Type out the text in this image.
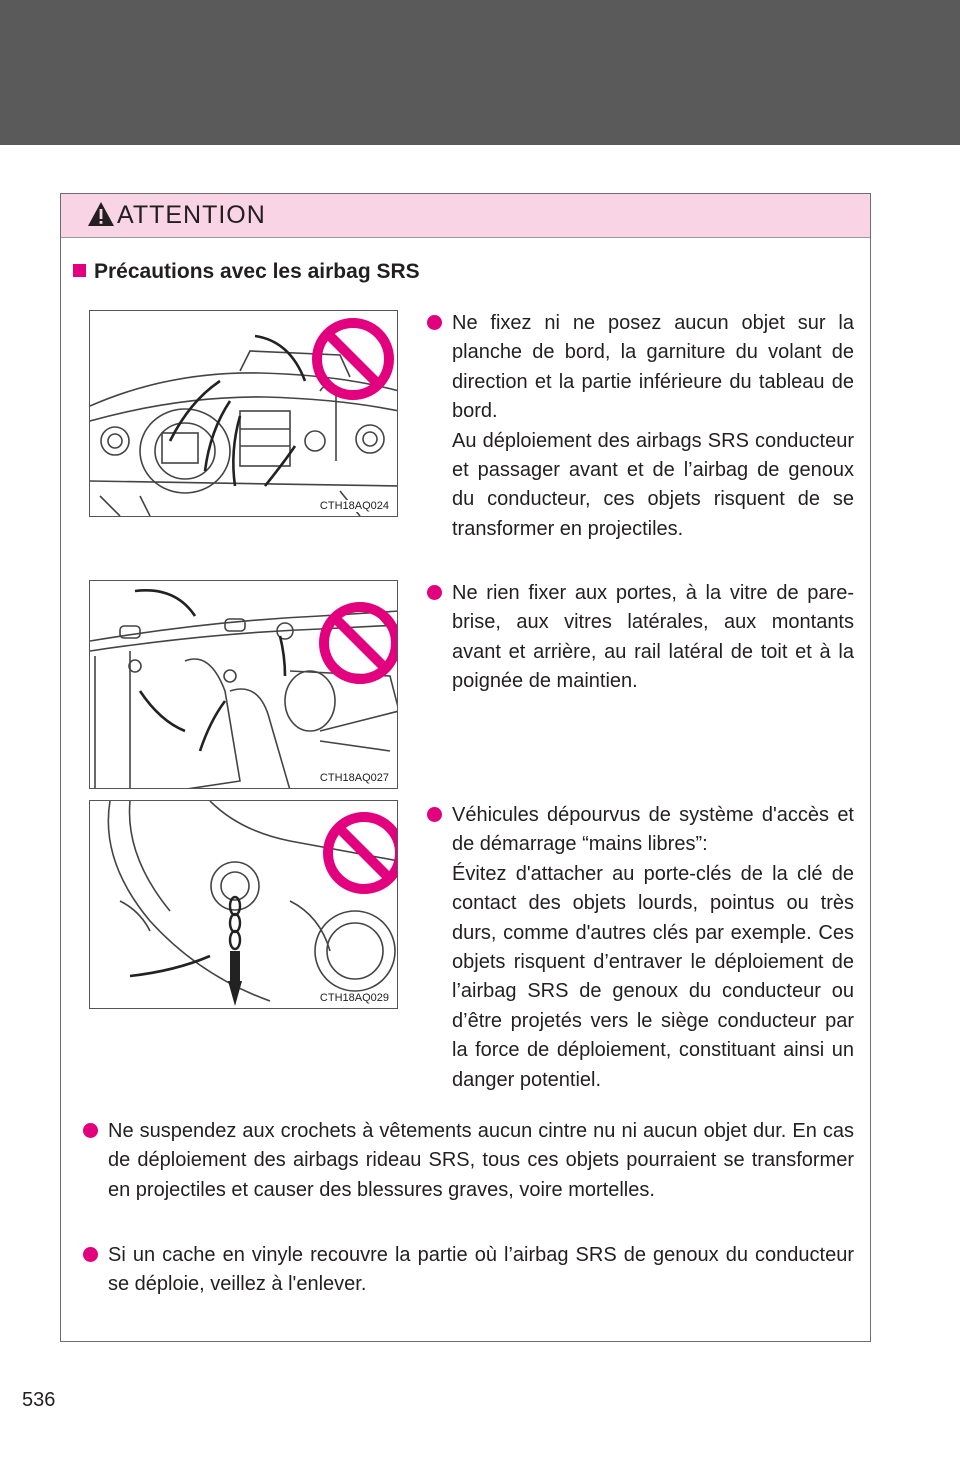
ATTENTION
Précautions avec les airbag SRS
CTH18AQ024
CTH18AQ027
CTH18AQ029
Ne fixez ni ne posez aucun objet sur la planche de bord, la garniture du volant de direction et la partie inférieure du tableau de bord.
Au déploiement des airbags SRS conducteur et passager avant et de l’airbag de genoux du conducteur, ces objets risquent de se transformer en projectiles.
Ne rien fixer aux portes, à la vitre de pare-brise, aux vitres latérales, aux montants avant et arrière, au rail latéral de toit et à la poignée de maintien.
Véhicules dépourvus de système d'accès et de démarrage “mains libres”:
Évitez d'attacher au porte-clés de la clé de contact des objets lourds, pointus ou très durs, comme d'autres clés par exemple. Ces objets risquent d’entraver le déploiement de l’airbag SRS de genoux du conducteur ou d’être projetés vers le siège conducteur par la force de déploiement, constituant ainsi un danger potentiel.
Ne suspendez aux crochets à vêtements aucun cintre nu ni aucun objet dur. En cas de déploiement des airbags rideau SRS, tous ces objets pourraient se transformer en projectiles et causer des blessures graves, voire mortelles.
Si un cache en vinyle recouvre la partie où l’airbag SRS de genoux du conducteur se déploie, veillez à l'enlever.
536
